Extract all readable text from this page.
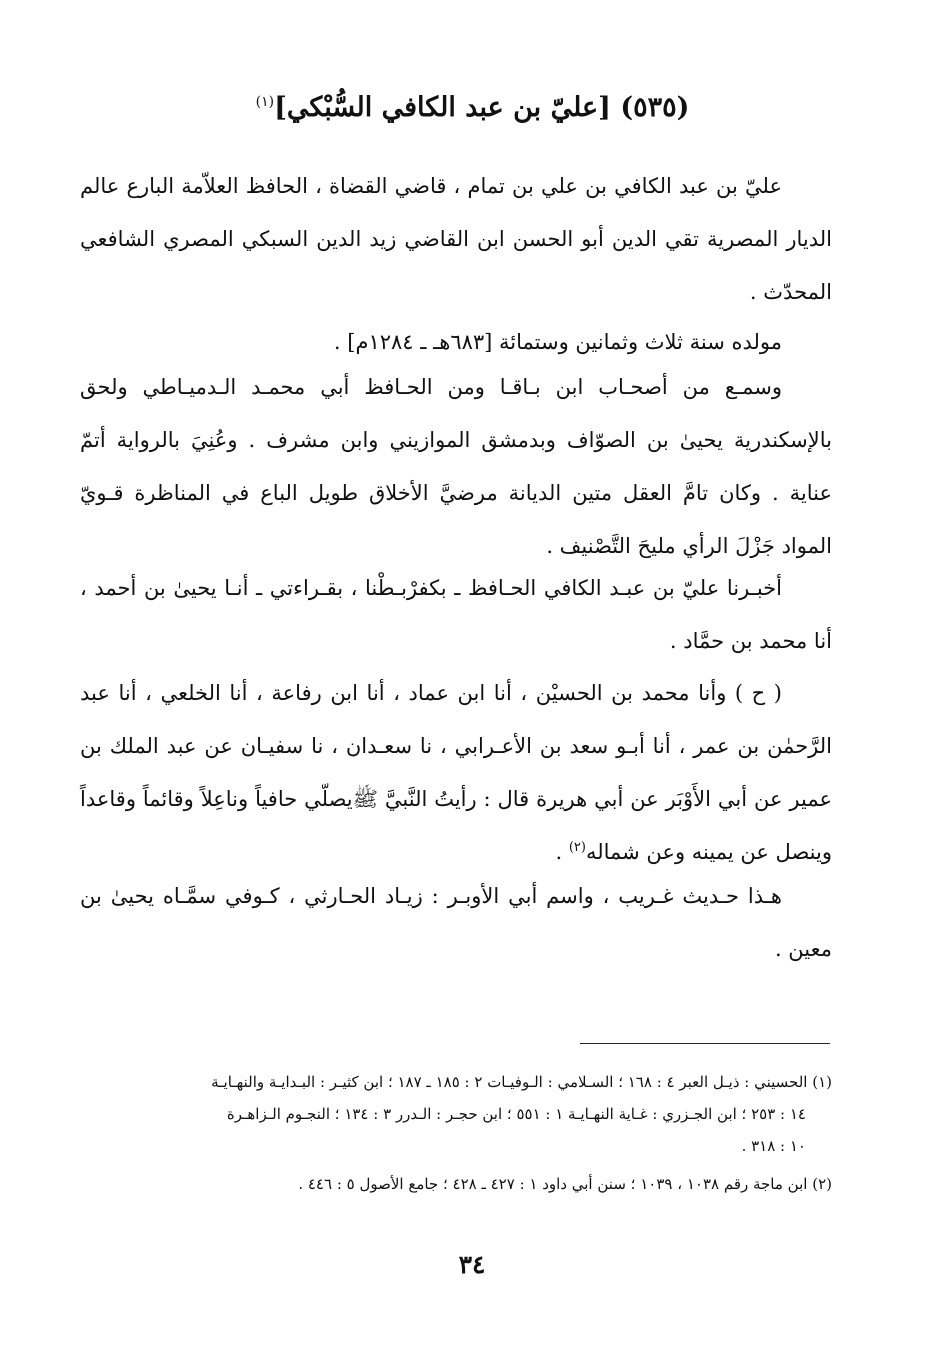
(٥٣٥) [عليّ بن عبد الكافي السُّبْكي]$^{(١)}$
عليّ بن عبد الكافي بن علي بن تمام ، قاضي القضاة ، الحافظ العلاّمة البارع عالم الديار المصرية تقي الدين أبو الحسن ابن القاضي زيد الدين السبكي المصري الشافعي المحدّث .
مولده سنة ثلاث وثمانين وستمائة [٦٨٣هـ ـ ١٢٨٤م] .
وسمـع من أصحـاب ابن بـاقـا ومن الحـافظ أبي محمـد الـدميـاطي ولحق بالإسكندرية يحيىٰ بن الصوّاف وبدمشق الموازيني وابن مشرف . وعُنِيَ بالرواية أتمّ عناية . وكان تامَّ العقل متين الديانة مرضيَّ الأخلاق طويل الباع في المناظرة قـويّ المواد جَزْلَ الرأي مليحَ التَّصْنيف .
أخبـرنا عليّ بن عبـد الكافي الحـافظ ـ بكفرْبـطْنا ، بقـراءتي ـ أنـا يحيىٰ بن أحمد ، أنا محمد بن حمَّاد .
( ح ) وأنا محمد بن الحسيْن ، أنا ابن عماد ، أنا ابن رفاعة ، أنا الخلعي ، أنا عبد الرَّحمٰن بن عمر ، أنا أبـو سعد بن الأعـرابي ، نا سعـدان ، نا سفيـان عن عبد الملك بن عمير عن أبي الأَوْبَر عن أبي هريرة قال : رأيتُ النَّبيَّ ﷺيصلّي حافياً وناعِلاً وقائماً وقاعداً وينصل عن يمينه وعن شماله$^{(٢)}$ .
هـذا حـديث غـريب ، واسم أبي الأوبـر : زيـاد الحـارثي ، كـوفي سمَّـاه يحيىٰ بن معين .
(١) الحسيني : ذيـل العبر ٤ : ١٦٨ ؛ السـلامي : الـوفيـات ٢ : ١٨٥ ـ ١٨٧ ؛ ابن كثيـر : البـدايـة والنهـايـة
١٤ : ٢٥٣ ؛ ابن الجـزري : غـاية النهـايـة ١ : ٥٥١ ؛ ابن حجـر : الـدرر ٣ : ١٣٤ ؛ النجـوم الـزاهـرة
١٠ : ٣١٨ .
(٢) ابن ماجة رقم ١٠٣٨ ، ١٠٣٩ ؛ سنن أبي داود ١ : ٤٢٧ ـ ٤٢٨ ؛ جامع الأصول ٥ : ٤٤٦ .
٣٤
